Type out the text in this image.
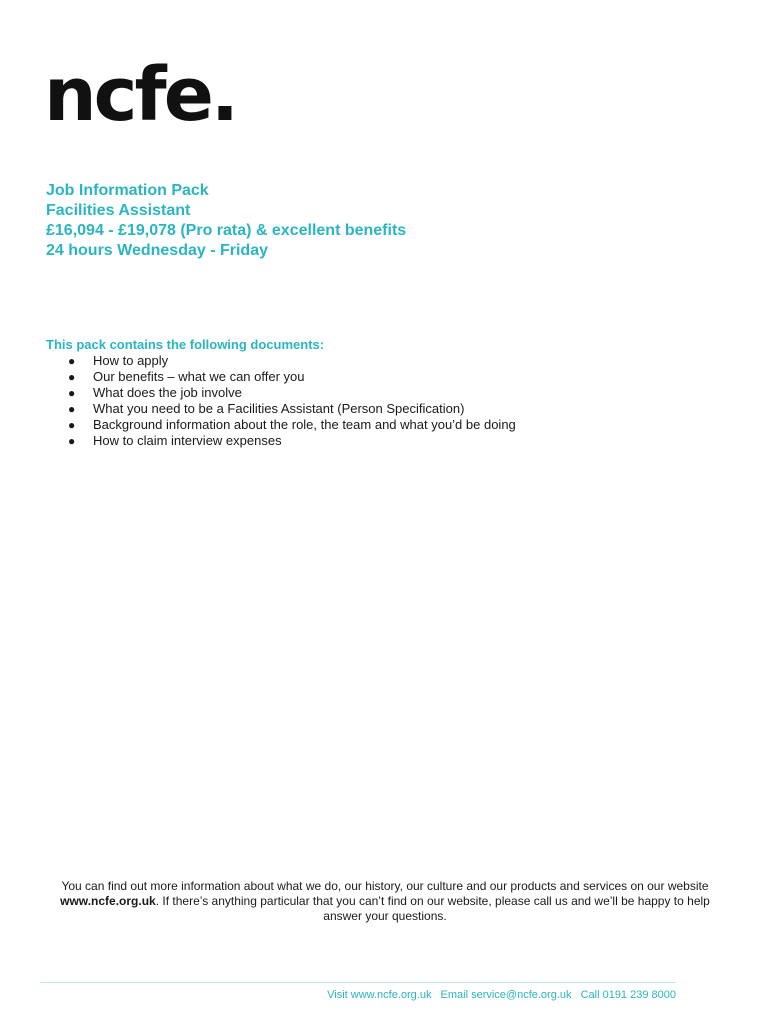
ncfe.
Job Information Pack
Facilities Assistant
£16,094 - £19,078 (Pro rata) & excellent benefits
24 hours Wednesday - Friday
This pack contains the following documents:
● How to apply
● Our benefits – what we can offer you
● What does the job involve
● What you need to be a Facilities Assistant (Person Specification)
● Background information about the role, the team and what you’d be doing
● How to claim interview expenses
You can find out more information about what we do, our history, our culture and our products and services on our website www.ncfe.org.uk. If there’s anything particular that you can’t find on our website, please call us and we’ll be happy to help answer your questions.
Visit www.ncfe.org.uk Email service@ncfe.org.uk Call 0191 239 8000
